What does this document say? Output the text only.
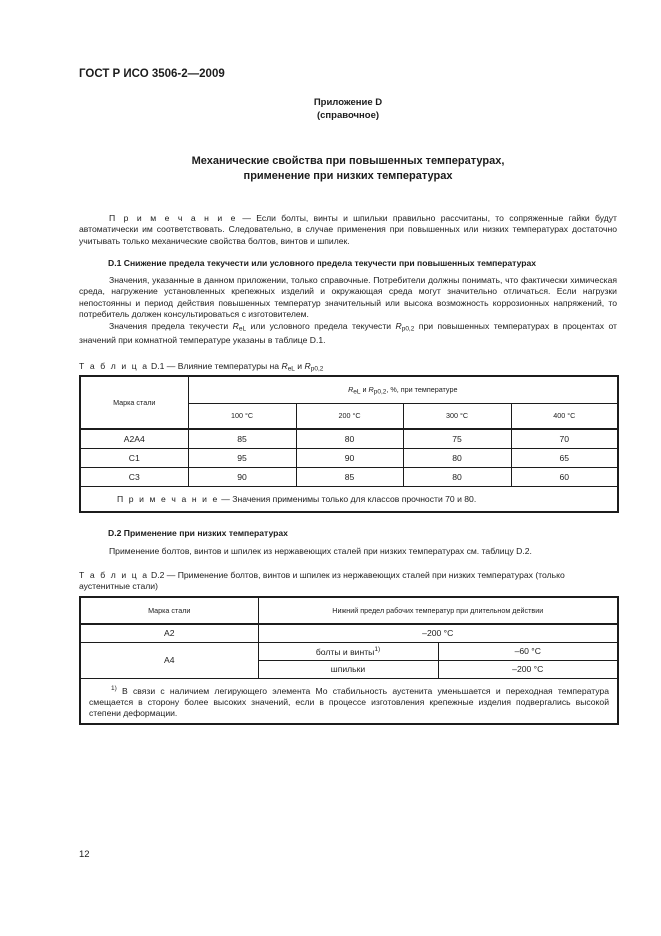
ГОСТ Р ИСО 3506-2—2009
Приложение D
(справочное)
Механические свойства при повышенных температурах,
применение при низких температурах
П р и м е ч а н и е — Если болты, винты и шпильки правильно рассчитаны, то сопряженные гайки будут автоматически им соответствовать. Следовательно, в случае применения при повышенных или низких температурах достаточно учитывать только механические свойства болтов, винтов и шпилек.
D.1 Снижение предела текучести или условного предела текучести при повышенных температурах
Значения, указанные в данном приложении, только справочные. Потребители должны понимать, что фактически химическая среда, нагружение установленных крепежных изделий и окружающая среда могут значительно отличаться. Если нагрузки непостоянны и период действия повышенных температур значительный или высока возможность коррозионных напряжений, то потребитель должен консультироваться с изготовителем.
Значения предела текучести $R_{eL}$ или условного предела текучести $R_{p0,2}$ при повышенных температурах в процентах от значений при комнатной температуре указаны в таблице D.1.
Т а б л и ц а D.1 — Влияние температуры на $R_{eL}$ и $R_{p0,2}$
Марка стали	$R_{eL}$ и $R_{p0,2}$, %, при температуре			
	100 °C	200 °C	300 °C	400 °C
A2A4	85	80	75	70
C1	95	90	80	65
C3	90	85	80	60
П р и м е ч а н и е — Значения применимы только для классов прочности 70 и 80.				
D.2 Применение при низких температурах
Применение болтов, винтов и шпилек из нержавеющих сталей при низких температурах см. таблицу D.2.
Т а б л и ц а D.2 — Применение болтов, винтов и шпилек из нержавеющих сталей при низких температурах (только аустенитные стали)
Марка стали	Нижний предел рабочих температур при длительном действии	
A2	–200 °C	
A4	болты и винты$^{1)}$	–60 °C
	шпильки	–200 °C
$^{1)}$ В связи с наличием легирующего элемента Mo стабильность аустенита уменьшается и переходная температура смещается в сторону более высоких значений, если в процессе изготовления крепежные изделия подвергались высокой степени деформации.		
12
